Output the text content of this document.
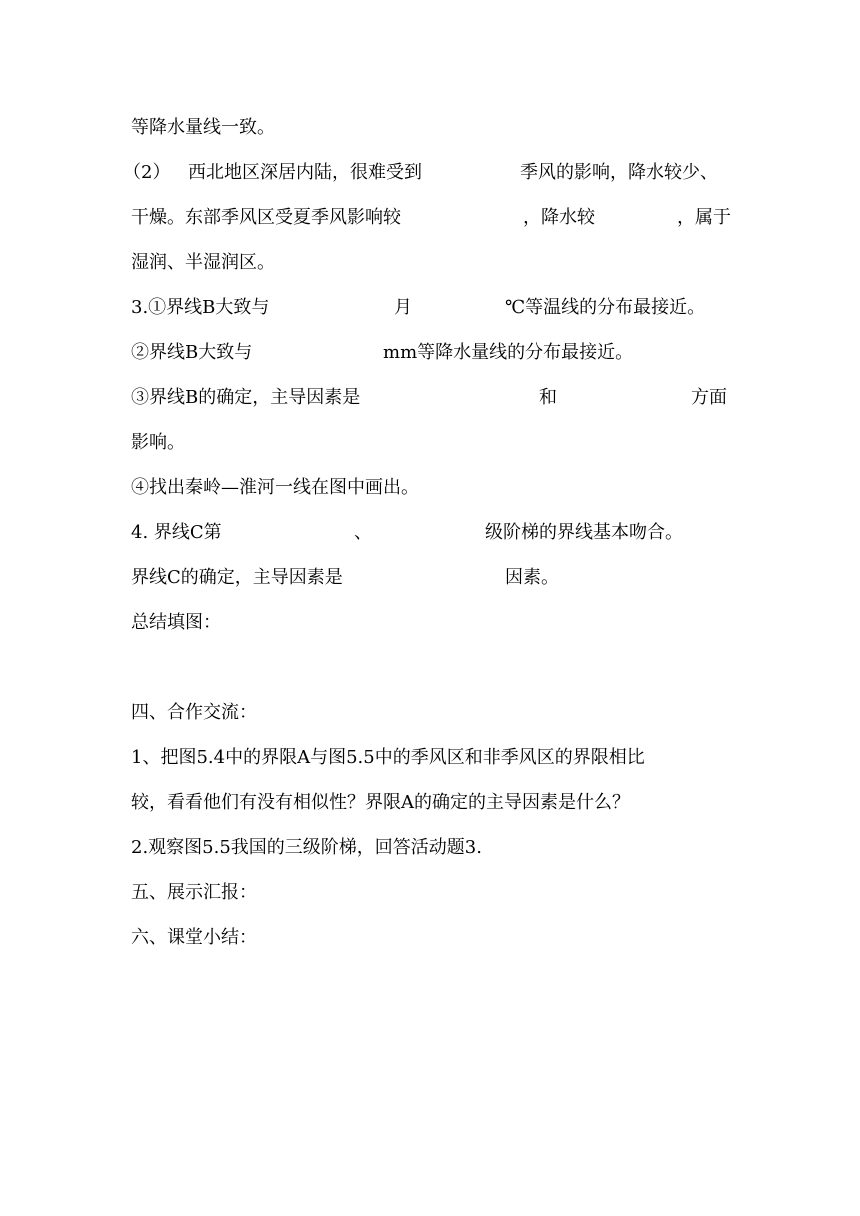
等降水量线一致。
（2） 西北地区深居内陆，很难受到	季风的影响，降水较少、
干燥。东部季风区受夏季风影响较	，降水较	，属于
湿润、半湿润区。
3.①界线B大致与	月	℃等温线的分布最接近。
②界线B大致与	mm等降水量线的分布最接近。
③界线B的确定，主导因素是	和	方面
影响。
④找出秦岭—淮河一线在图中画出。
4. 界线C第	、	级阶梯的界线基本吻合。
界线C的确定，主导因素是	因素。
总结填图：
四、合作交流：
1、把图5.4中的界限A与图5.5中的季风区和非季风区的界限相比
较，看看他们有没有相似性？界限A的确定的主导因素是什么？
2.观察图5.5我国的三级阶梯，回答活动题3.
五、展示汇报：
六、课堂小结：
